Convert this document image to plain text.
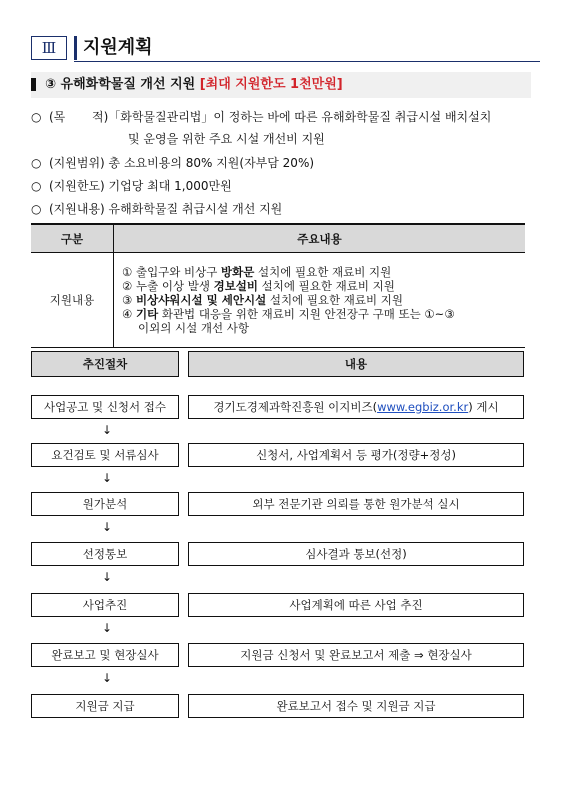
Ⅲ	지원계획
③ 유해화학물질 개선 지원 [최대 지원한도 1천만원]
○ (목       적)「화학물질관리법」이 정하는 바에 따른 유해화학물질 취급시설 배치설치
및 운영을 위한 주요 시설 개선비 지원
○ (지원범위) 총 소요비용의 80% 지원(자부담 20%)
○ (지원한도) 기업당 최대 1,000만원
○ (지원내용) 유해화학물질 취급시설 개선 지원
구분	주요내용
지원내용	① 출입구와 비상구 방화문 설치에 필요한 재료비 지원
② 누출 이상 발생 경보설비 설치에 필요한 재료비 지원
③ 비상샤워시설 및 세안시설 설치에 필요한 재료비 지원
④ 기타 화관법 대응을 위한 재료비 지원 안전장구 구매 또는 ①~③
이외의 시설 개선 사항
추진절차	내용
사업공고 및 신청서 접수	경기도경제과학진흥원 이지비즈( www.egbiz.or.kr ) 게시
↓
요건검토 및 서류심사	신청서, 사업계획서 등 평가(정량+정성)
↓
원가분석	외부 전문기관 의뢰를 통한 원가분석 실시
↓
선정통보	심사결과 통보(선정)
↓
사업추진	사업계획에 따른 사업 추진
↓
완료보고 및 현장실사	지원금 신청서 및 완료보고서 제출 ⇒ 현장실사
↓
지원금 지급	완료보고서 접수 및 지원금 지급
